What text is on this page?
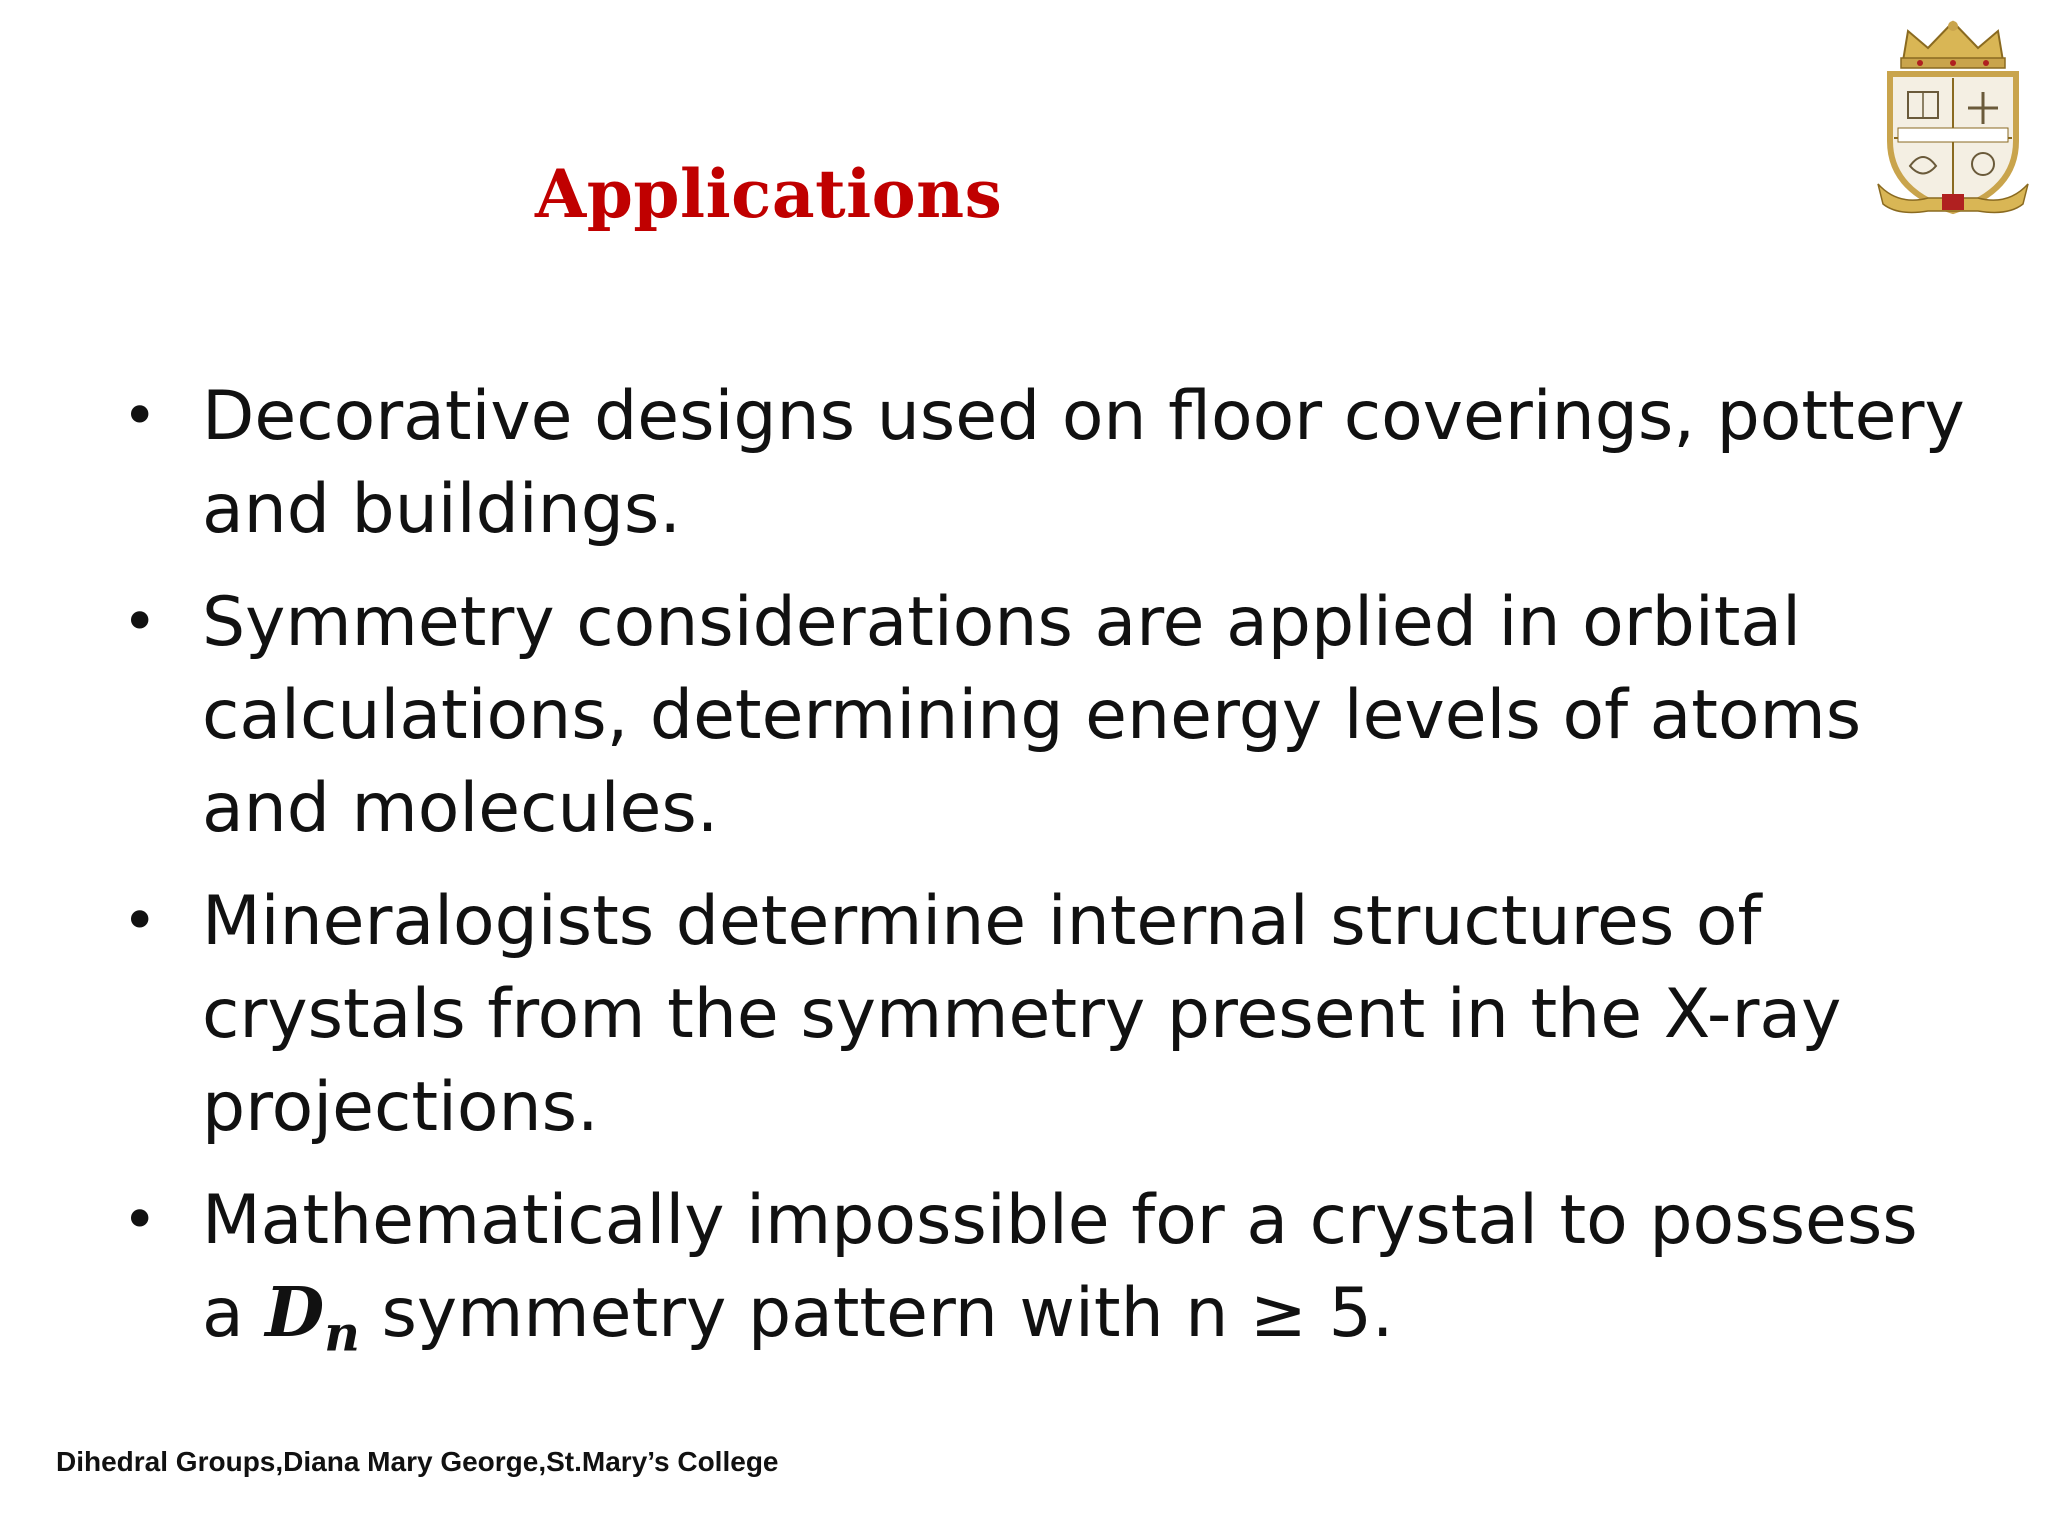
Applications
• Decorative designs used on floor coverings, pottery and buildings.
• Symmetry considerations are applied in orbital calculations, determining energy levels of atoms and molecules.
• Mineralogists determine internal structures of crystals from the symmetry present in the X-ray projections.
• Mathematically impossible for a crystal to possess a $D_n$ symmetry pattern with n ≥ 5.
Dihedral Groups,Diana Mary George,St.Mary’s College
